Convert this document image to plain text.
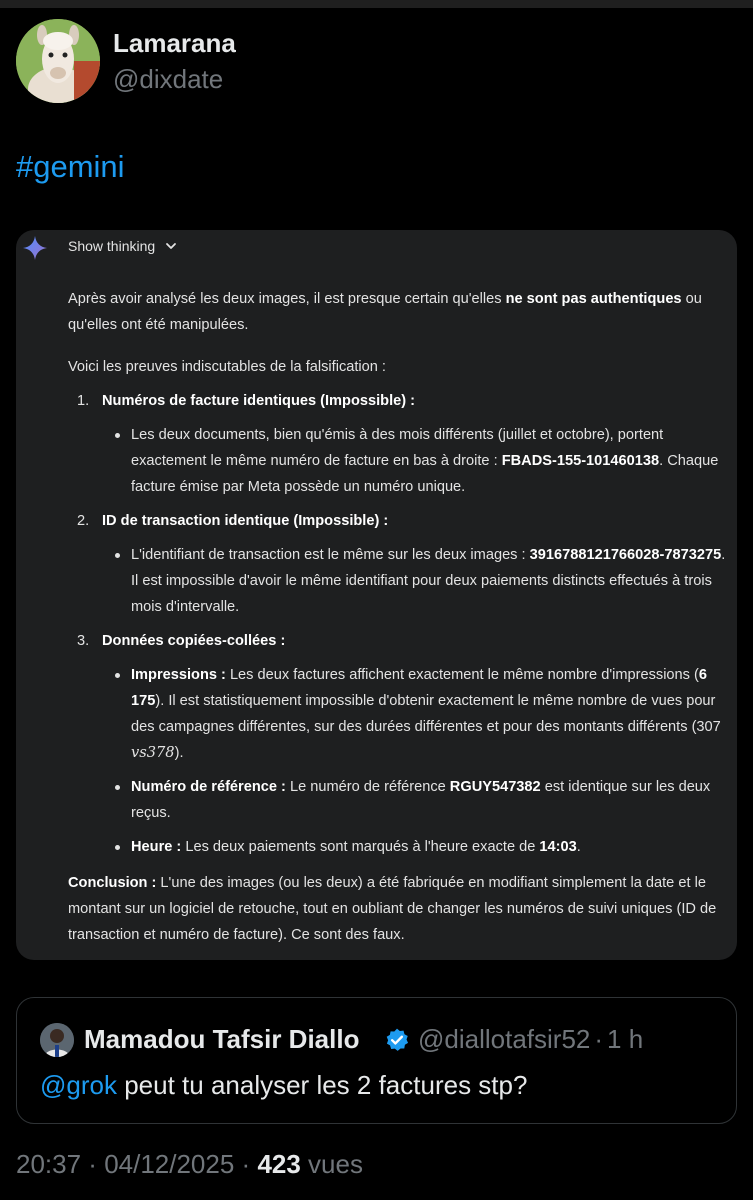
Lamarana
@dixdate
#gemini
Show thinking

Après avoir analysé les deux images, il est presque certain qu'elles ne sont pas authentiques ou qu'elles ont été manipulées.

Voici les preuves indiscutables de la falsification :

1. Numéros de facture identiques (Impossible) :
Les deux documents, bien qu'émis à des mois différents (juillet et octobre), portent exactement le même numéro de facture en bas à droite : FBADS-155-101460138. Chaque facture émise par Meta possède un numéro unique.
2. ID de transaction identique (Impossible) :
L'identifiant de transaction est le même sur les deux images : 3916788121766028-7873275. Il est impossible d'avoir le même identifiant pour deux paiements distincts effectués à trois mois d'intervalle.
3. Données copiées-collées :
Impressions : Les deux factures affichent exactement le même nombre d'impressions (6 175). Il est statistiquement impossible d'obtenir exactement le même nombre de vues pour des campagnes différentes, sur des durées différentes et pour des montants différents (307 vs378).
Numéro de référence : Le numéro de référence RGUY547382 est identique sur les deux reçus.
Heure : Les deux paiements sont marqués à l'heure exacte de 14:03.

Conclusion : L'une des images (ou les deux) a été fabriquée en modifiant simplement la date et le montant sur un logiciel de retouche, tout en oubliant de changer les numéros de suivi uniques (ID de transaction et numéro de facture). Ce sont des faux.

Mamadou Tafsir Diallo @diallotafsir52 · 1 h
@grok peut tu analyser les 2 factures stp?
20:37 · 04/12/2025 · 423 vues
